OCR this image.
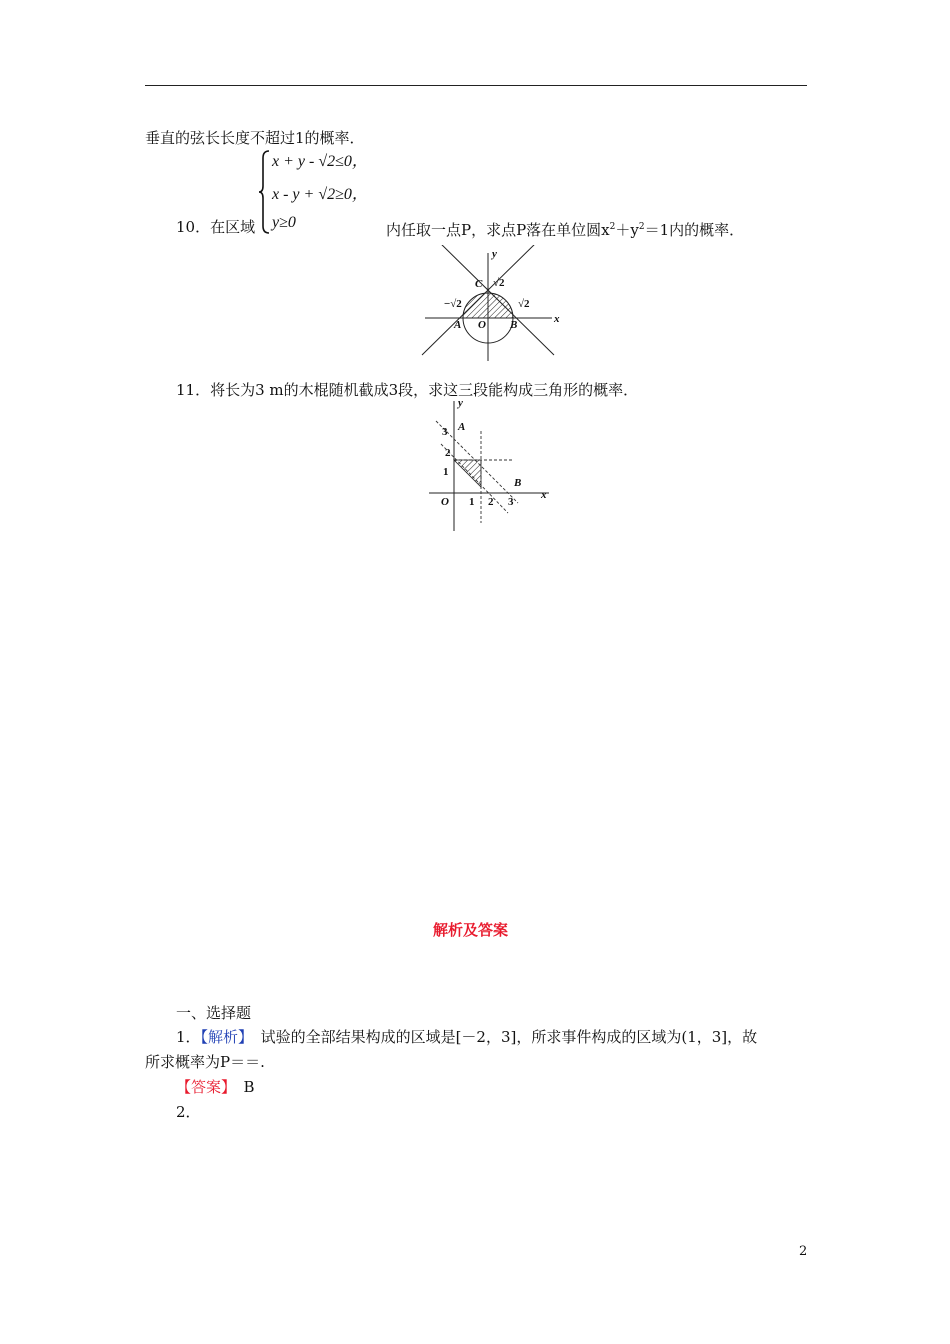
垂直的弦长长度不超过1的概率．
10．在区域
x + y - √2≤0，
x - y + √2≥0，
y≥0	内任取一点P，求点P落在单位圆$x^2+y^2=1$内的概率．
y
x
C √2
−√2	√2
A O B
11．将长为3 m的木棍随机截成3段，求这三段能构成三角形的概率．
y
x
A
B
O
3
2
1
1 2 3
解析及答案
一、选择题
1．【解析】　试验的全部结果构成的区域是[－2，3]，所求事件构成的区域为(1，3]，故
所求概率为P＝＝.
【答案】　B
2．
2
